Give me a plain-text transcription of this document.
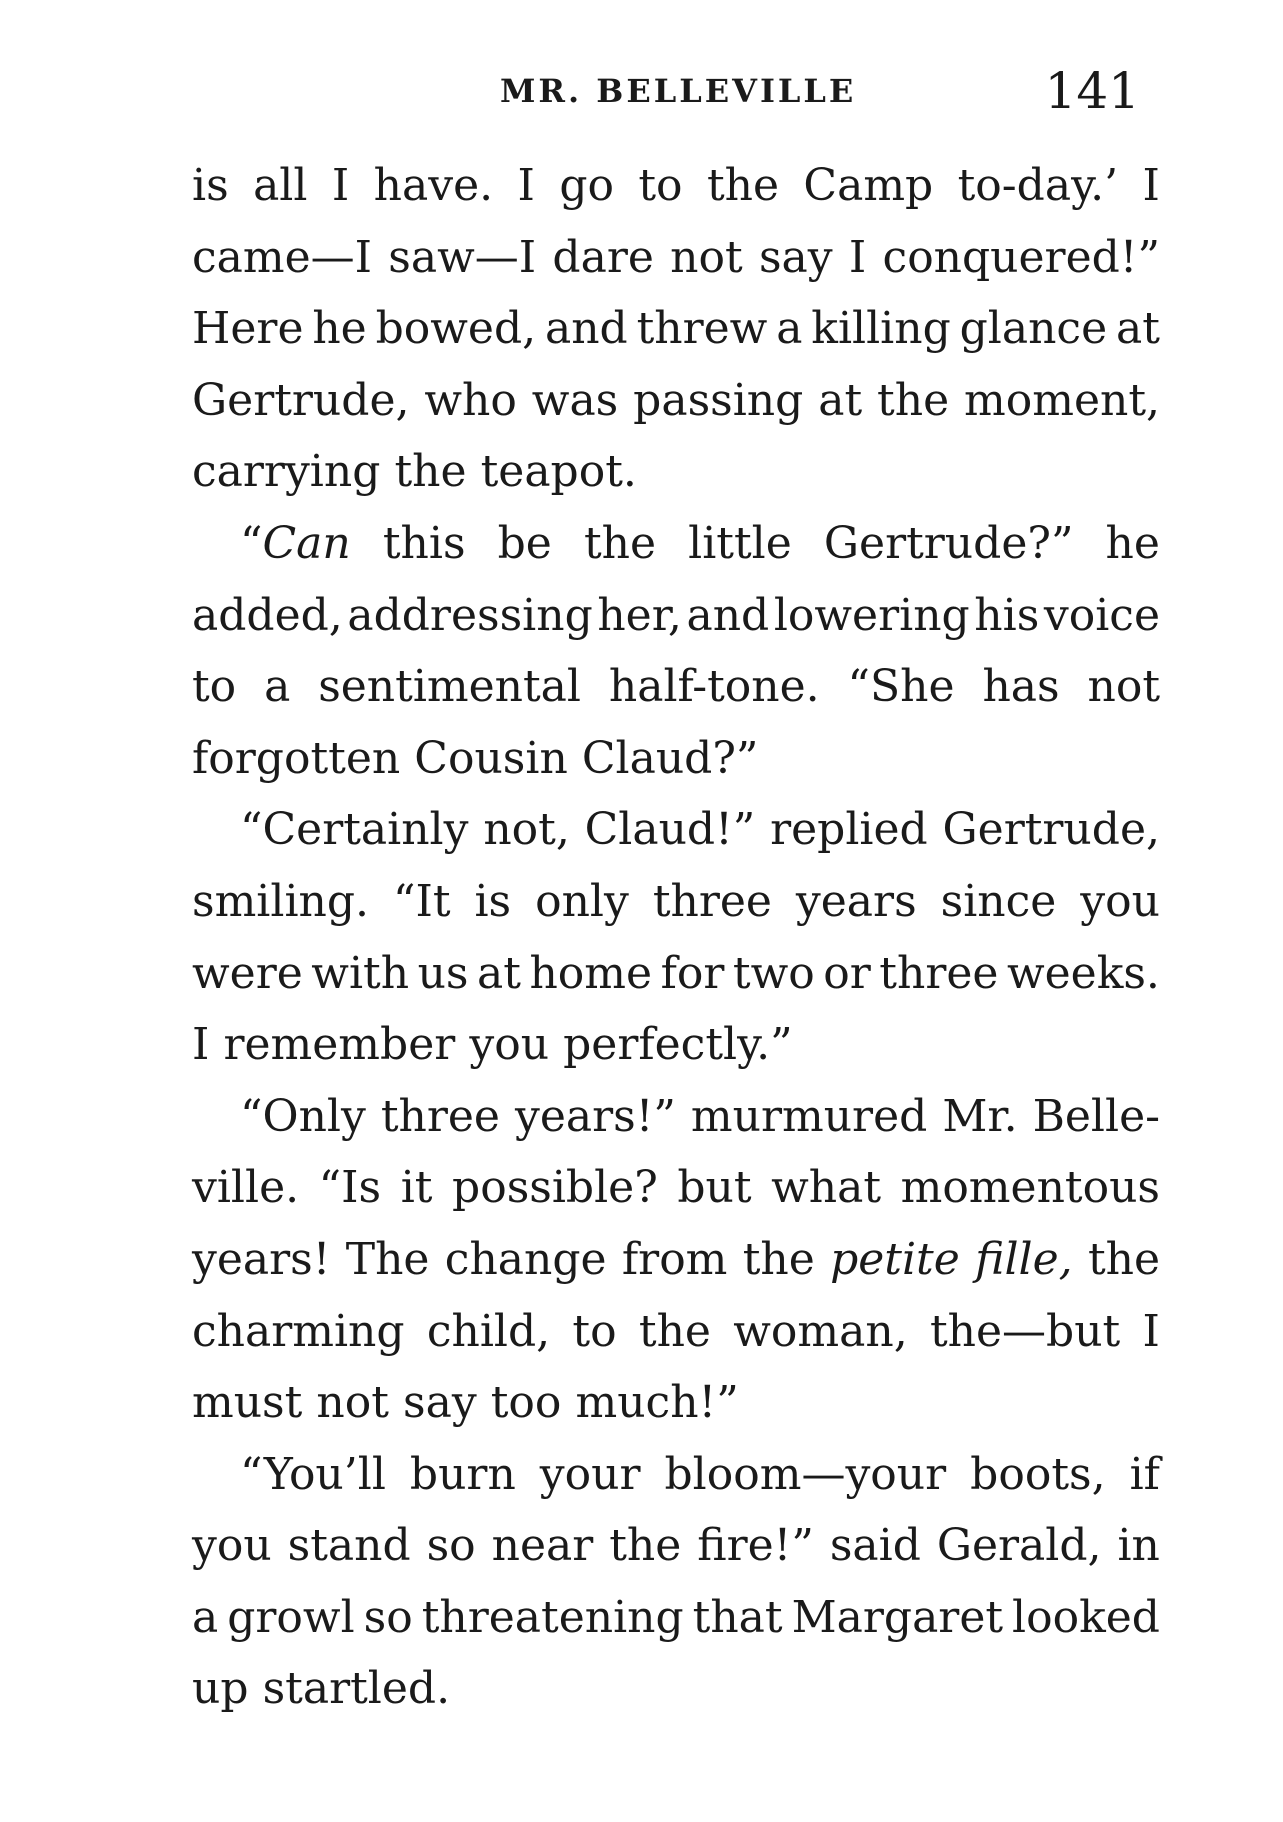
MR. BELLEVILLE	141
is all I have. I go to the Camp to-day.’ I
came—I saw—I dare not say I conquered!”
Here he bowed, and threw a killing glance at
Gertrude, who was passing at the moment,
carrying the teapot.
“Can this be the little Gertrude?” he
added, addressing her, and lowering his voice
to a sentimental half-tone. “She has not
forgotten Cousin Claud?”
“Certainly not, Claud!” replied Gertrude,
smiling. “It is only three years since you
were with us at home for two or three weeks.
I remember you perfectly.”
“Only three years!” murmured Mr. Belle-
ville. “Is it possible? but what momentous
years! The change from the petite fille, the
charming child, to the woman, the—but I
must not say too much!”
“You’ll burn your bloom—your boots, if
you stand so near the fire!” said Gerald, in
a growl so threatening that Margaret looked
up startled.
